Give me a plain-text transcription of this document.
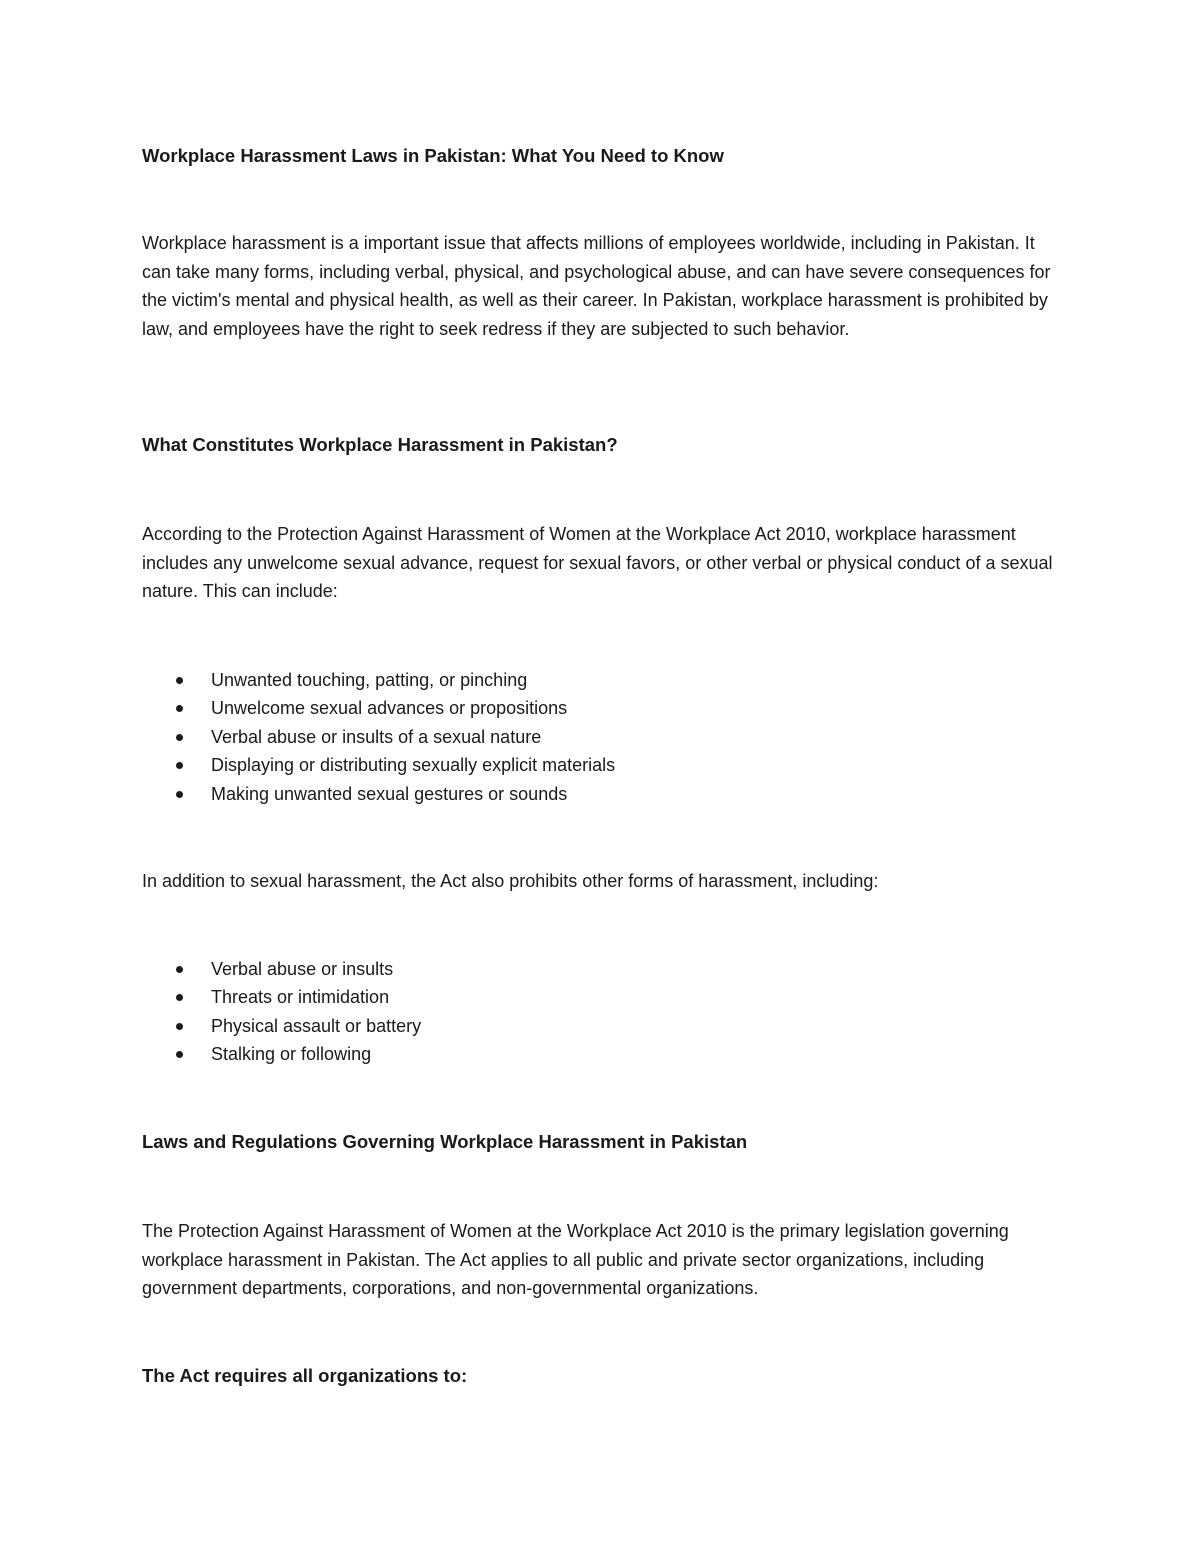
Workplace Harassment Laws in Pakistan: What You Need to Know

Workplace harassment is a important issue that affects millions of employees worldwide, including in Pakistan. It can take many forms, including verbal, physical, and psychological abuse, and can have severe consequences for the victim's mental and physical health, as well as their career. In Pakistan, workplace harassment is prohibited by law, and employees have the right to seek redress if they are subjected to such behavior.

What Constitutes Workplace Harassment in Pakistan?

According to the Protection Against Harassment of Women at the Workplace Act 2010, workplace harassment includes any unwelcome sexual advance, request for sexual favors, or other verbal or physical conduct of a sexual nature. This can include:

Unwanted touching, patting, or pinching
Unwelcome sexual advances or propositions
Verbal abuse or insults of a sexual nature
Displaying or distributing sexually explicit materials
Making unwanted sexual gestures or sounds

In addition to sexual harassment, the Act also prohibits other forms of harassment, including:

Verbal abuse or insults
Threats or intimidation
Physical assault or battery
Stalking or following
Laws and Regulations Governing Workplace Harassment in Pakistan

The Protection Against Harassment of Women at the Workplace Act 2010 is the primary legislation governing workplace harassment in Pakistan. The Act applies to all public and private sector organizations, including government departments, corporations, and non-governmental organizations.

The Act requires all organizations to:
